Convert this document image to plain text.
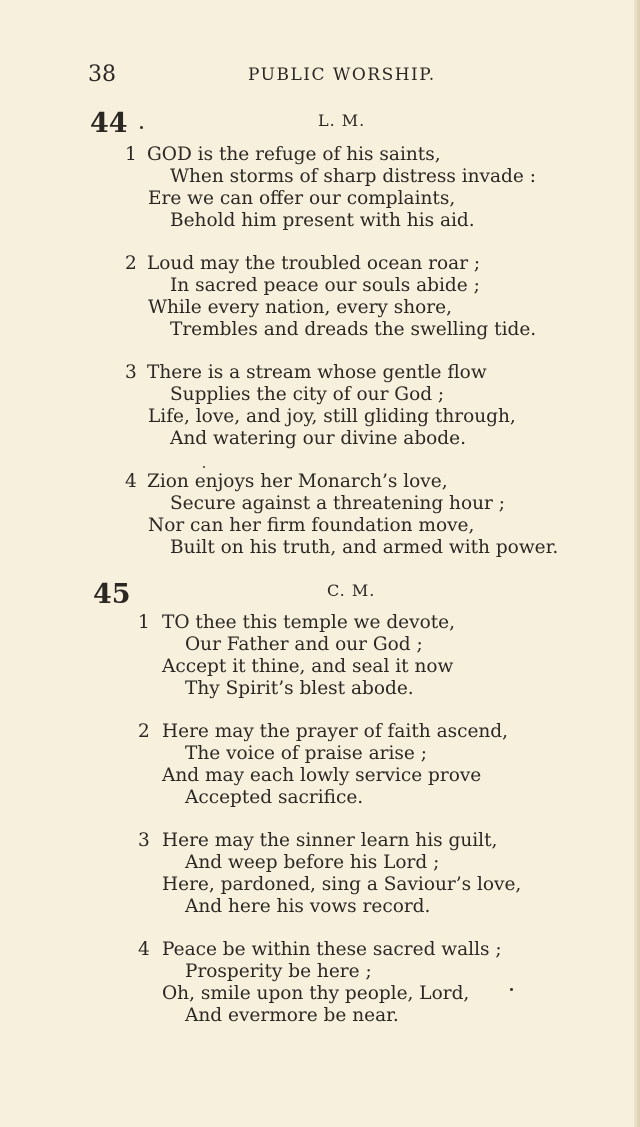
38	PUBLIC WORSHIP.
44	L. M.
1 GOD is the refuge of his saints,
When storms of sharp distress invade :
Ere we can offer our complaints,
Behold him present with his aid.
2 Loud may the troubled ocean roar ;
In sacred peace our souls abide ;
While every nation, every shore,
Trembles and dreads the swelling tide.
3 There is a stream whose gentle flow
Supplies the city of our God ;
Life, love, and joy, still gliding through,
And watering our divine abode.
4 Zion enjoys her Monarch’s love,
Secure against a threatening hour ;
Nor can her firm foundation move,
Built on his truth, and armed with power.
45	C. M.
1 TO thee this temple we devote,
Our Father and our God ;
Accept it thine, and seal it now
Thy Spirit’s blest abode.
2 Here may the prayer of faith ascend,
The voice of praise arise ;
And may each lowly service prove
Accepted sacrifice.
3 Here may the sinner learn his guilt,
And weep before his Lord ;
Here, pardoned, sing a Saviour’s love,
And here his vows record.
4 Peace be within these sacred walls ;
Prosperity be here ;
Oh, smile upon thy people, Lord,
And evermore be near.
